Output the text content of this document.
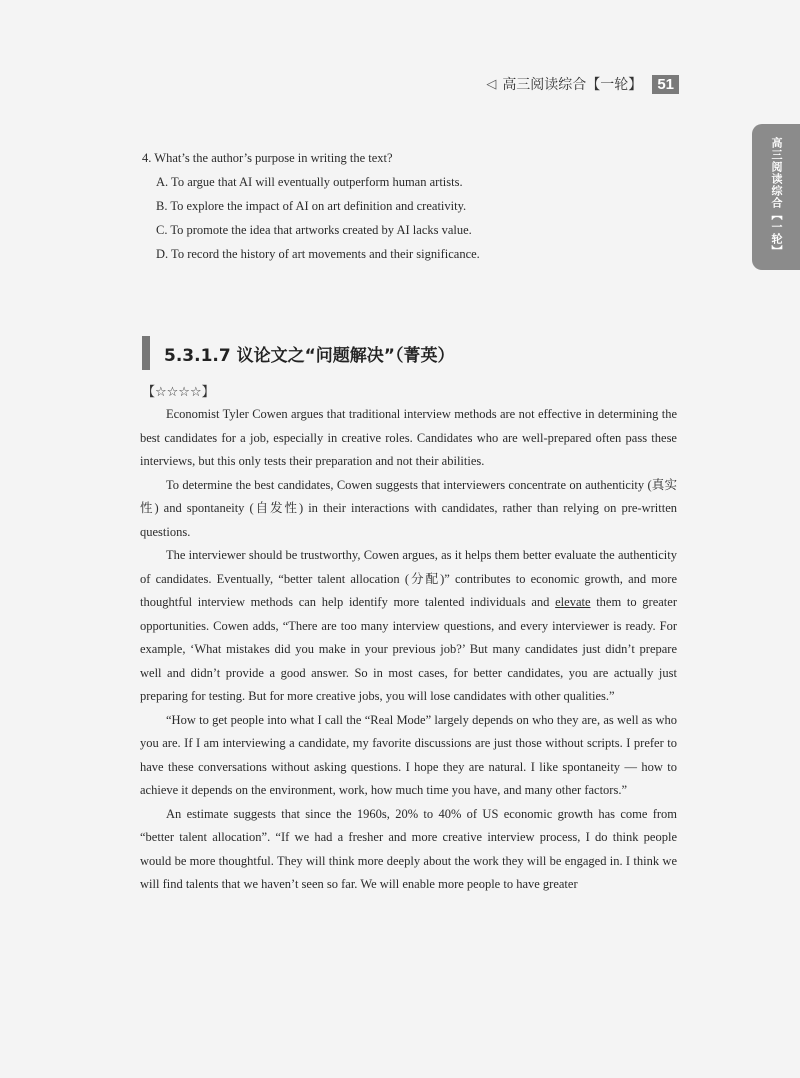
◁ 高三阅读综合【一轮】	51
高三阅读综合【一轮】
4. What’s the author’s purpose in writing the text?
A. To argue that AI will eventually outperform human artists.
B. To explore the impact of AI on art definition and creativity.
C. To promote the idea that artworks created by AI lacks value.
D. To record the history of art movements and their significance.
5.3.1.7 议论文之“问题解决”（菁英）
【☆☆☆☆】

Economist Tyler Cowen argues that traditional interview methods are not effective in determining the best candidates for a job, especially in creative roles. Candidates who are well-prepared often pass these interviews, but this only tests their preparation and not their abilities.

To determine the best candidates, Cowen suggests that interviewers concentrate on authenticity (真实性) and spontaneity (自发性) in their interactions with candidates, rather than relying on pre-written questions.

The interviewer should be trustworthy, Cowen argues, as it helps them better evaluate the authenticity of candidates. Eventually, “better talent allocation (分配)” contributes to economic growth, and more thoughtful interview methods can help identify more talented individuals and elevate them to greater opportunities. Cowen adds, “There are too many interview questions, and every interviewer is ready. For example, ‘What mistakes did you make in your previous job?’ But many candidates just didn’t prepare well and didn’t provide a good answer. So in most cases, for better candidates, you are actually just preparing for testing. But for more creative jobs, you will lose candidates with other qualities.”

“How to get people into what I call the “Real Mode” largely depends on who they are, as well as who you are. If I am interviewing a candidate, my favorite discussions are just those without scripts. I prefer to have these conversations without asking questions. I hope they are natural. I like spontaneity — how to achieve it depends on the environment, work, how much time you have, and many other factors.”

An estimate suggests that since the 1960s, 20% to 40% of US economic growth has come from “better talent allocation”. “If we had a fresher and more creative interview process, I do think people would be more thoughtful. They will think more deeply about the work they will be engaged in. I think we will find talents that we haven’t seen so far. We will enable more people to have greater
